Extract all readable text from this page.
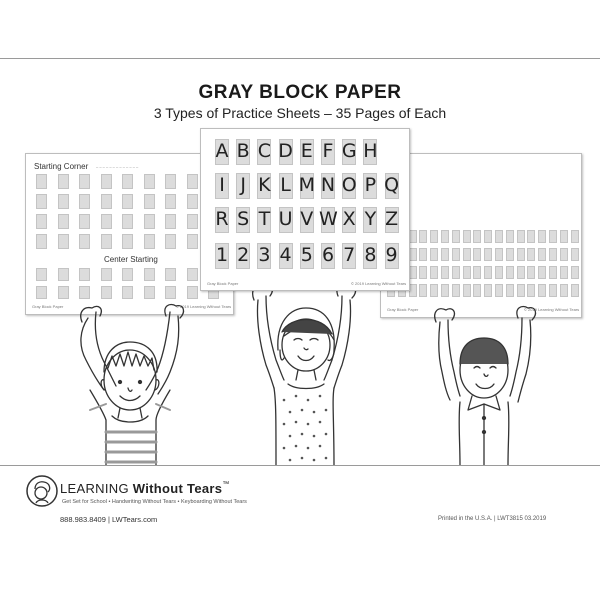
GRAY BLOCK PAPER
3 Types of Practice Sheets – 35 Pages of Each
Starting Corner – – – – – – – – – – – – –
Center Starting
Gray Block Paper	© 2019 Learning Without Tears
Gray Block Paper	© 2019 Learning Without Tears
A B C D E F G H
I J K L M N O P Q
R S T U V W X Y Z
1 2 3 4 5 6 7 8 9
Gray Block Paper	© 2019 Learning Without Tears
LEARNING Without Tears™
Get Set for School • Handwriting Without Tears • Keyboarding Without Tears
888.983.8409 | LWTears.com	Printed in the U.S.A. | LWT3815 03.2019
